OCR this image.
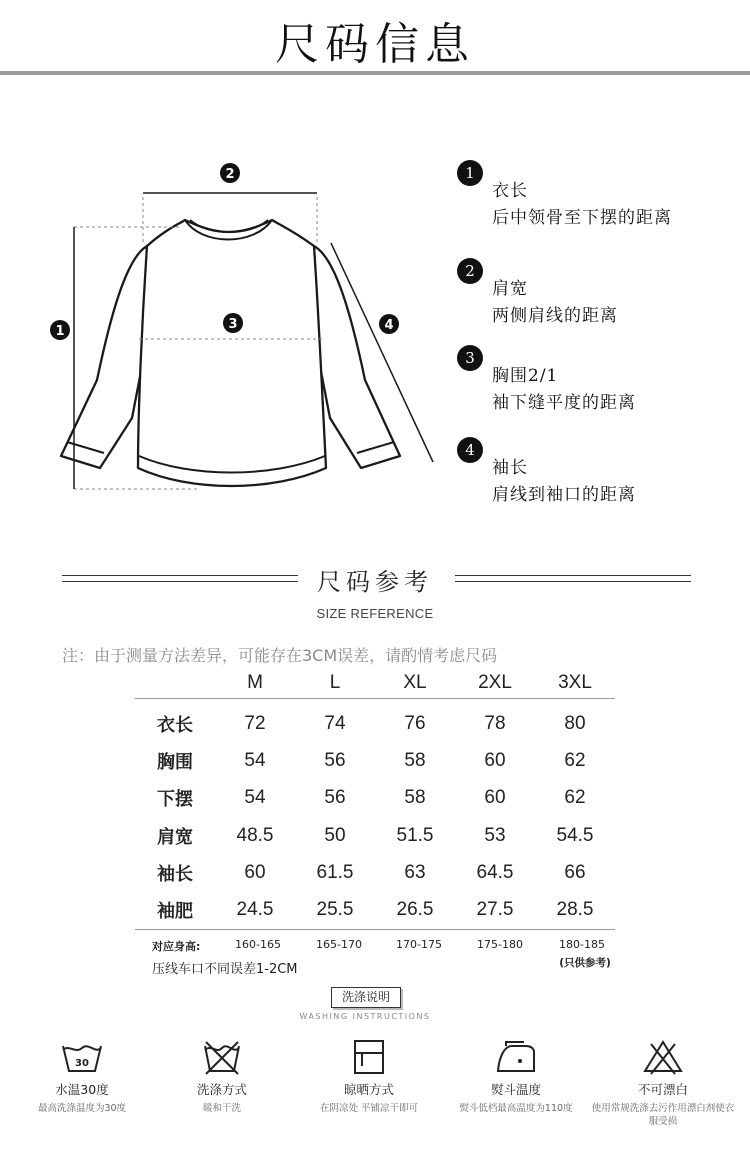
尺码信息
1
2
3	4
1
衣长
后中领骨至下摆的距离
2
肩宽
两侧肩线的距离
3
胸围2/1
袖下缝平度的距离
4
袖长
肩线到袖口的距离
尺码参考
SIZE REFERENCE
注：由于测量方法差异，可能存在3CM误差，请酌情考虑尺码
	M	L	XL	2XL	3XL
衣长	72	74	76	78	80
胸围	54	56	58	60	62
下摆	54	56	58	60	62
肩宽	48.5	50	51.5	53	54.5
袖长	60	61.5	63	64.5	66
袖肥	24.5	25.5	26.5	27.5	28.5
对应身高:	160-165	165-170	170-175	175-180	180-185
(只供参考)
压线车口不同误差1-2CM
洗涤说明
WASHING INSTRUCTIONS
30
水温30度
最高洗涤温度为30度
洗涤方式
暖和干洗
晾晒方式
在阴凉处 平铺凉干即可
熨斗温度
熨斗低档最高温度为110度
不可漂白
使用常规洗涤去污作用漂白剂使衣服受损
